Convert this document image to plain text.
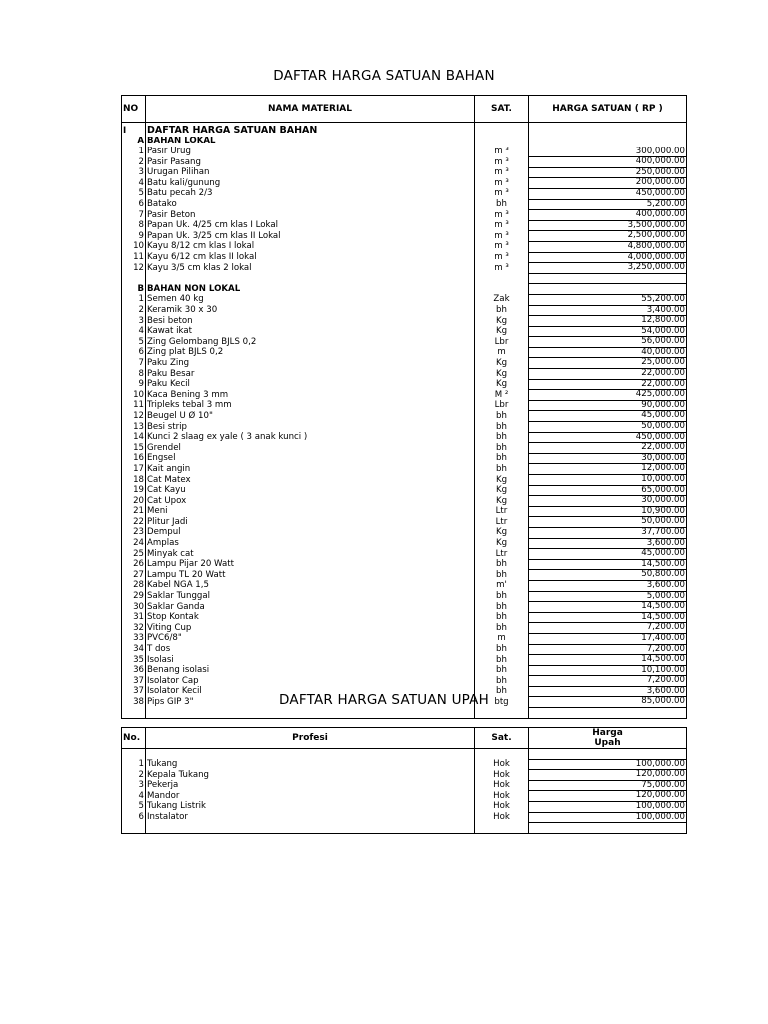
DAFTAR HARGA SATUAN BAHAN
NO	NAMA MATERIAL	SAT.	HARGA SATUAN ( RP )
I	DAFTAR HARGA SATUAN BAHAN		
A	BAHAN LOKAL		
1	Pasir Urug	m ³	300,000.00
2	Pasir Pasang	m ³	400,000.00
3	Urugan Pilihan	m ³	250,000.00
4	Batu kali/gunung	m ³	200,000.00
5	Batu pecah 2/3	m ³	450,000.00
6	Batako	bh	5,200.00
7	Pasir Beton	m ³	400,000.00
8	Papan Uk. 4/25 cm klas I Lokal	m ³	3,500,000.00
9	Papan Uk. 3/25 cm klas II Lokal	m ³	2,500,000.00
10	Kayu 8/12 cm klas I lokal	m ³	4,800,000.00
11	Kayu 6/12 cm klas II lokal	m ³	4,000,000.00
12	Kayu 3/5 cm klas 2 lokal	m ³	3,250,000.00

B	BAHAN NON LOKAL		
1	Semen 40 kg	Zak	55,200.00
2	Keramik 30 x 30	bh	3,400.00
3	Besi beton	Kg	12,800.00
4	Kawat ikat	Kg	54,000.00
5	Zing Gelombang BJLS 0,2	Lbr	56,000.00
6	Zing plat BJLS 0,2	m	40,000.00
7	Paku Zing	Kg	25,000.00
8	Paku Besar	Kg	22,000.00
9	Paku Kecil	Kg	22,000.00
10	Kaca Bening 3 mm	M ²	425,000.00
11	Tripleks tebal 3 mm	Lbr	90,000.00
12	Beugel U Ø 10"	bh	45,000.00
13	Besi strip	bh	50,000.00
14	Kunci 2 slaag ex yale ( 3 anak kunci )	bh	450,000.00
15	Grendel	bh	22,000.00
16	Engsel	bh	30,000.00
17	Kait angin	bh	12,000.00
18	Cat Matex	Kg	10,000.00
19	Cat Kayu	Kg	65,000.00
20	Cat Upox	Kg	30,000.00
21	Meni	Ltr	10,900.00
22	Plitur Jadi	Ltr	50,000.00
23	Dempul	Kg	37,700.00
24	Amplas	Kg	3,600.00
25	Minyak cat	Ltr	45,000.00
26	Lampu Pijar 20 Watt	bh	14,500.00
27	Lampu TL 20 Watt	bh	50,800.00
28	Kabel NGA 1,5	m'	3,600.00
29	Saklar Tunggal	bh	5,000.00
30	Saklar Ganda	bh	14,500.00
31	Stop Kontak	bh	14,500.00
32	Viting Cup	bh	7,200.00
33	PVC6/8"	m	17,400.00
34	T dos	bh	7,200.00
35	Isolasi	bh	14,500.00
36	Benang isolasi	bh	10,100.00
37	Isolator Cap	bh	7,200.00
37	Isolator Kecil	bh	3,600.00
38	Pips GIP 3"	btg	85,000.00

DAFTAR HARGA SATUAN UPAH
No.	Profesi	Sat.	Harga
Upah

1	Tukang	Hok	100,000.00
2	Kepala Tukang	Hok	120,000.00
3	Pekerja	Hok	75,000.00
4	Mandor	Hok	120,000.00
5	Tukang Listrik	Hok	100,000.00
6	Instalator	Hok	100,000.00
